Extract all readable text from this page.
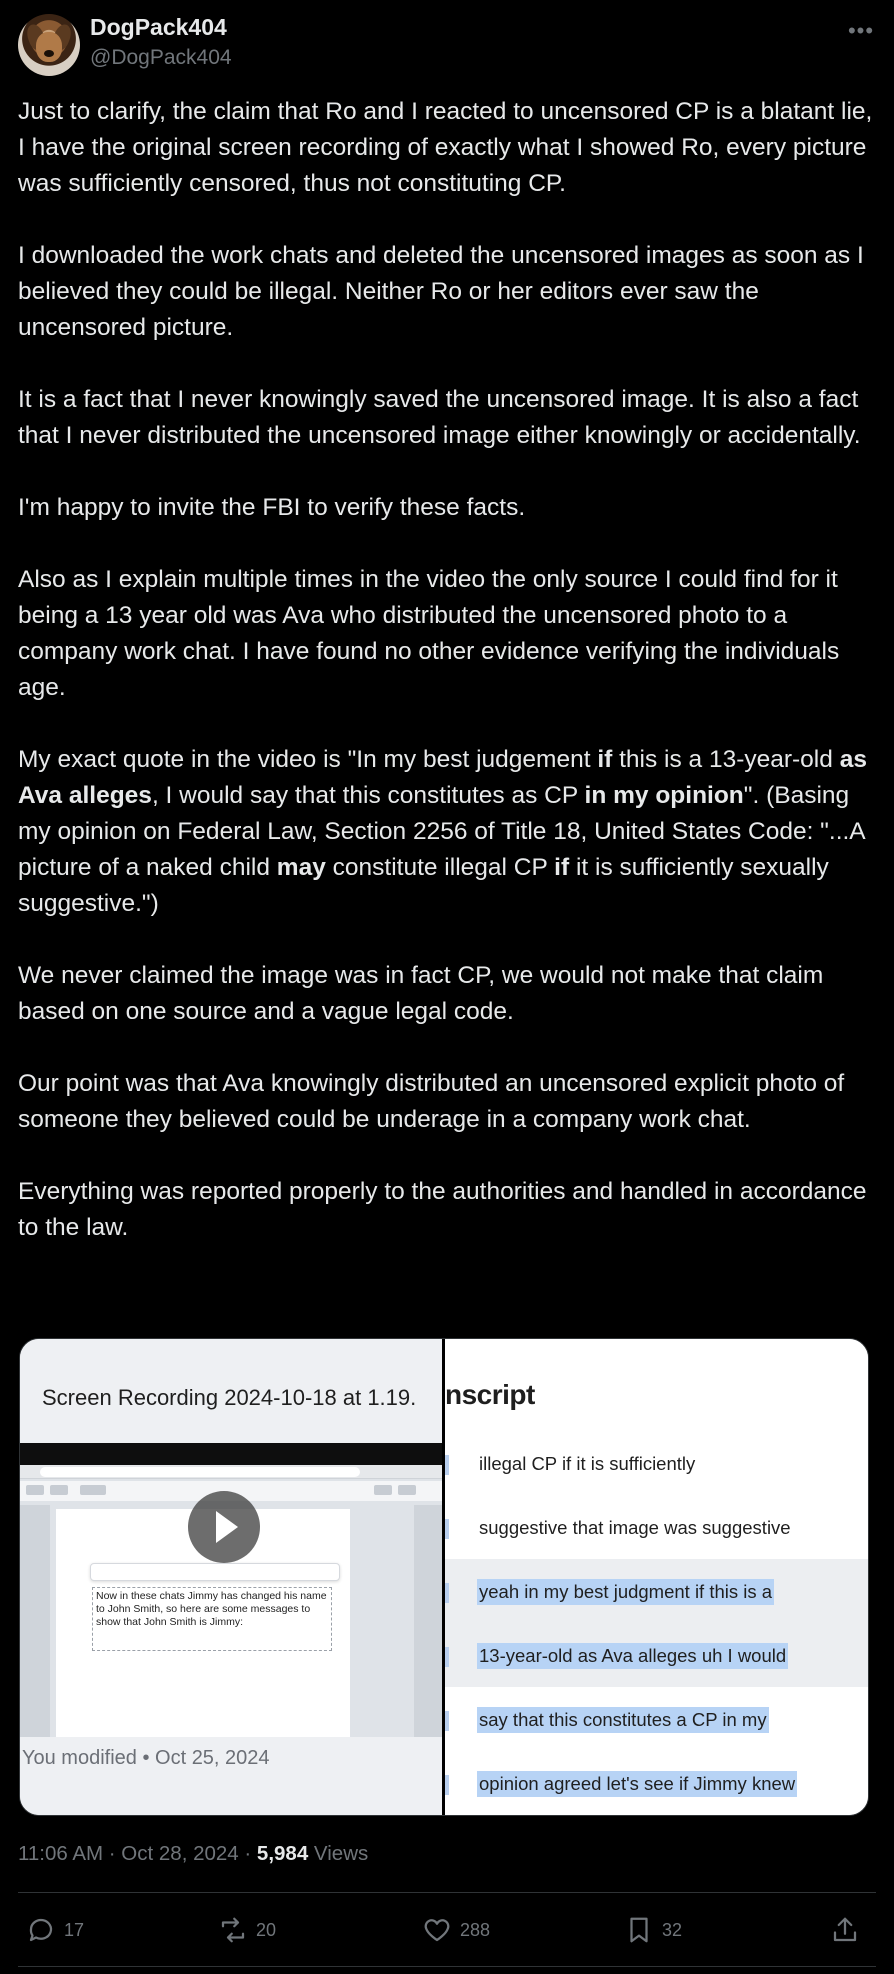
DogPack404
@DogPack404
•••

Just to clarify, the claim that Ro and I reacted to uncensored CP is a blatant lie, I have the original screen recording of exactly what I showed Ro, every picture was sufficiently censored, thus not constituting CP.

I downloaded the work chats and deleted the uncensored images as soon as I believed they could be illegal. Neither Ro or her editors ever saw the uncensored picture.

It is a fact that I never knowingly saved the uncensored image. It is also a fact that I never distributed the uncensored image either knowingly or accidentally.

I'm happy to invite the FBI to verify these facts.

Also as I explain multiple times in the video the only source I could find for it being a 13 year old was Ava who distributed the uncensored photo to a company work chat. I have found no other evidence verifying the individuals age.

My exact quote in the video is "In my best judgement if this is a 13-year-old as Ava alleges, I would say that this constitutes as CP in my opinion". (Basing my opinion on Federal Law, Section 2256 of Title 18, United States Code: "...A picture of a naked child may constitute illegal CP if it is sufficiently sexually suggestive.")

We never claimed the image was in fact CP, we would not make that claim based on one source and a vague legal code.

Our point was that Ava knowingly distributed an uncensored explicit photo of someone they believed could be underage in a company work chat.

Everything was reported properly to the authorities and handled in accordance to the law.

Screen Recording 2024-10-18 at 1.19.
Now in these chats Jimmy has changed his name to John Smith, so here are some messages to show that John Smith is Jimmy:
You modified • Oct 25, 2024
nscript
illegal CP if it is sufficiently
suggestive that image was suggestive
yeah in my best judgment if this is a
13-year-old as Ava alleges uh I would
say that this constitutes a CP in my
opinion agreed let's see if Jimmy knew
11:06 AM · Oct 28, 2024 · 5,984 Views
17	20	288	32
